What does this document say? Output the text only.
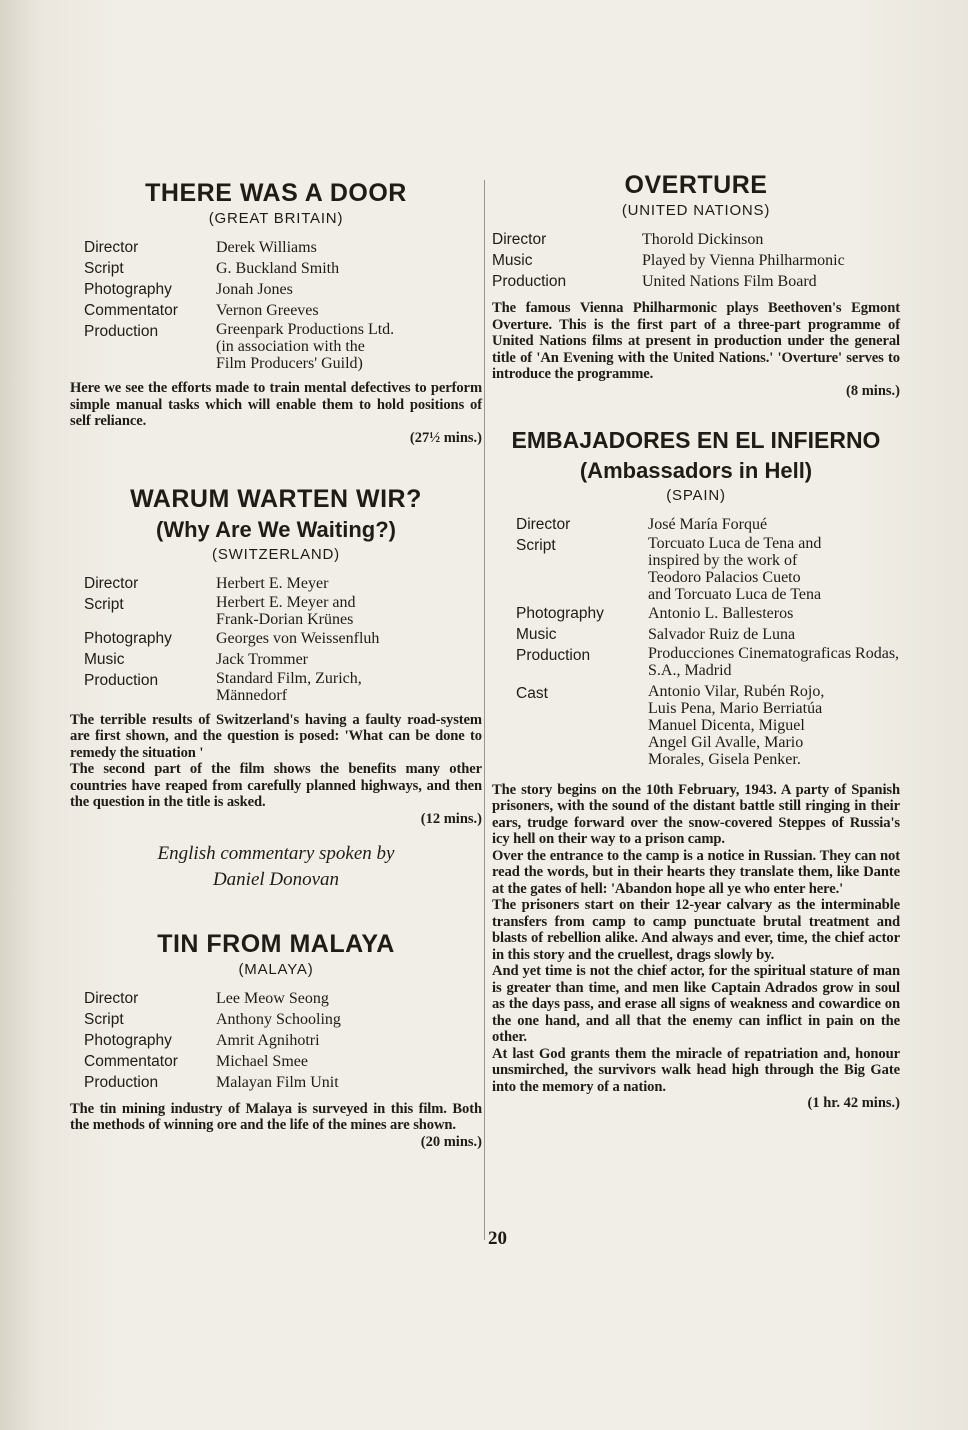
THERE WAS A DOOR
(GREAT BRITAIN)
Director	Derek Williams
Script	G. Buckland Smith
Photography	Jonah Jones
Commentator	Vernon Greeves
Production	Greenpark Productions Ltd.
(in association with the
Film Producers' Guild)

Here we see the efforts made to train mental defectives to perform simple manual tasks which will enable them to hold positions of self reliance.

(27½ mins.)
WARUM WARTEN WIR?
(Why Are We Waiting?)
(SWITZERLAND)
Director	Herbert E. Meyer
Script	Herbert E. Meyer and
Frank-Dorian Krünes
Photography	Georges von Weissenfluh
Music	Jack Trommer
Production	Standard Film, Zurich,
Männedorf

The terrible results of Switzerland's having a faulty road-system are first shown, and the question is posed: 'What can be done to remedy the situation '
The second part of the film shows the benefits many other countries have reaped from carefully planned highways, and then the question in the title is asked.

(12 mins.)
English commentary spoken by
Daniel Donovan
TIN FROM MALAYA
(MALAYA)
Director	Lee Meow Seong
Script	Anthony Schooling
Photography	Amrit Agnihotri
Commentator	Michael Smee
Production	Malayan Film Unit

The tin mining industry of Malaya is surveyed in this film. Both the methods of winning ore and the life of the mines are shown.

(20 mins.)
OVERTURE
(UNITED NATIONS)
Director	Thorold Dickinson
Music	Played by Vienna Philharmonic
Production	United Nations Film Board

The famous Vienna Philharmonic plays Beethoven's Egmont Overture. This is the first part of a three-part programme of United Nations films at present in production under the general title of 'An Evening with the United Nations.' 'Overture' serves to introduce the programme.

(8 mins.)
EMBAJADORES EN EL INFIERNO
(Ambassadors in Hell)
(SPAIN)
Director	José María Forqué
Script	Torcuato Luca de Tena and
inspired by the work of
Teodoro Palacios Cueto
and Torcuato Luca de Tena
Photography	Antonio L. Ballesteros
Music	Salvador Ruiz de Luna
Production	Producciones Cinematograficas Rodas, S.A., Madrid
Cast	Antonio Vilar, Rubén Rojo,
Luis Pena, Mario Berriatúa
Manuel Dicenta, Miguel
Angel Gil Avalle, Mario
Morales, Gisela Penker.

The story begins on the 10th February, 1943. A party of Spanish prisoners, with the sound of the distant battle still ringing in their ears, trudge forward over the snow-covered Steppes of Russia's icy hell on their way to a prison camp.
Over the entrance to the camp is a notice in Russian. They can not read the words, but in their hearts they translate them, like Dante at the gates of hell: 'Abandon hope all ye who enter here.'
The prisoners start on their 12-year calvary as the interminable transfers from camp to camp punctuate brutal treatment and blasts of rebellion alike. And always and ever, time, the chief actor in this story and the cruellest, drags slowly by.
And yet time is not the chief actor, for the spiritual stature of man is greater than time, and men like Captain Adrados grow in soul as the days pass, and erase all signs of weakness and cowardice on the one hand, and all that the enemy can inflict in pain on the other.
At last God grants them the miracle of repatriation and, honour unsmirched, the survivors walk head high through the Big Gate into the memory of a nation.

(1 hr. 42 mins.)
20
